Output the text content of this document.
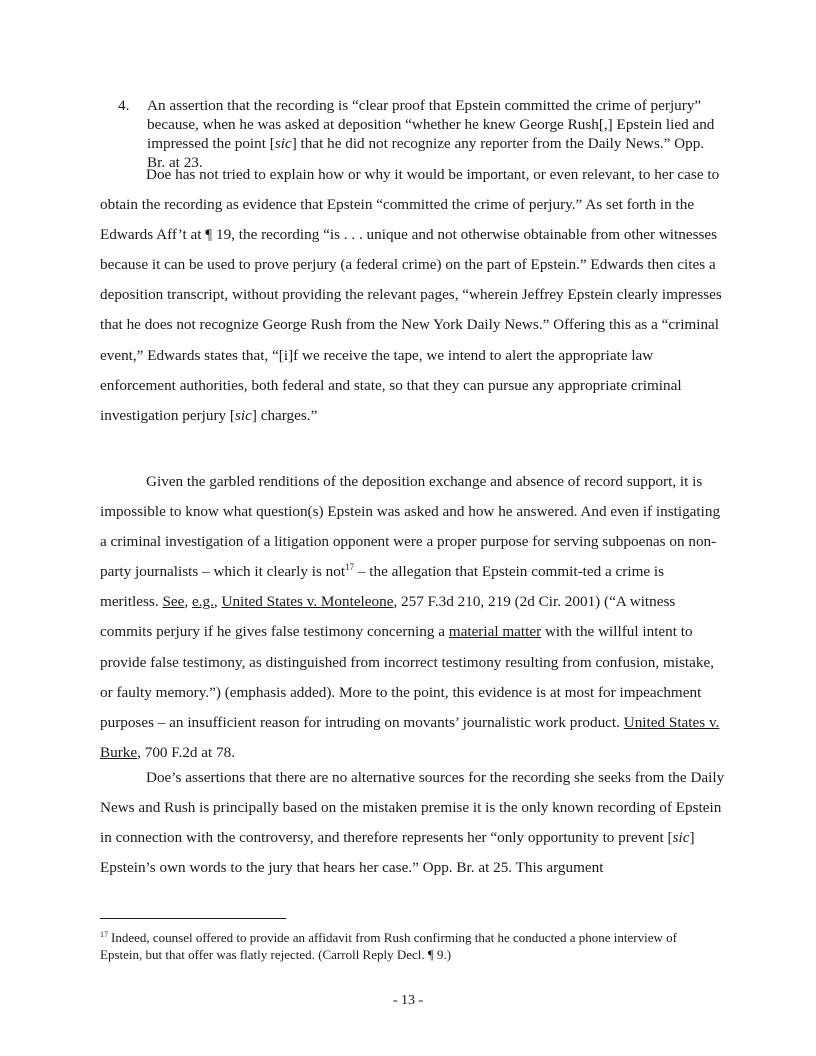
4. An assertion that the recording is “clear proof that Epstein committed the crime of perjury” because, when he was asked at deposition “whether he knew George Rush[,] Epstein lied and impressed the point [sic] that he did not recognize any reporter from the Daily News.” Opp. Br. at 23.
Doe has not tried to explain how or why it would be important, or even relevant, to her case to obtain the recording as evidence that Epstein “committed the crime of perjury.” As set forth in the Edwards Aff’t at ¶ 19, the recording “is . . . unique and not otherwise obtainable from other witnesses because it can be used to prove perjury (a federal crime) on the part of Epstein.” Edwards then cites a deposition transcript, without providing the relevant pages, “wherein Jeffrey Epstein clearly impresses that he does not recognize George Rush from the New York Daily News.” Offering this as a “criminal event,” Edwards states that, “[i]f we receive the tape, we intend to alert the appropriate law enforcement authorities, both federal and state, so that they can pursue any appropriate criminal investigation perjury [sic] charges.”
Given the garbled renditions of the deposition exchange and absence of record support, it is impossible to know what question(s) Epstein was asked and how he answered. And even if instigating a criminal investigation of a litigation opponent were a proper purpose for serving subpoenas on non-party journalists – which it clearly is not$^{17}$ – the allegation that Epstein commit-ted a crime is meritless. See, e.g., United States v. Monteleone, 257 F.3d 210, 219 (2d Cir. 2001) (“A witness commits perjury if he gives false testimony concerning a material matter with the willful intent to provide false testimony, as distinguished from incorrect testimony resulting from confusion, mistake, or faulty memory.”) (emphasis added). More to the point, this evidence is at most for impeachment purposes – an insufficient reason for intruding on movants’ journalistic work product. United States v. Burke, 700 F.2d at 78.
Doe’s assertions that there are no alternative sources for the recording she seeks from the Daily News and Rush is principally based on the mistaken premise it is the only known recording of Epstein in connection with the controversy, and therefore represents her “only opportunity to prevent [sic] Epstein’s own words to the jury that hears her case.” Opp. Br. at 25. This argument
$^{17}$ Indeed, counsel offered to provide an affidavit from Rush confirming that he conducted a phone interview of Epstein, but that offer was flatly rejected. (Carroll Reply Decl. ¶ 9.)
- 13 -
